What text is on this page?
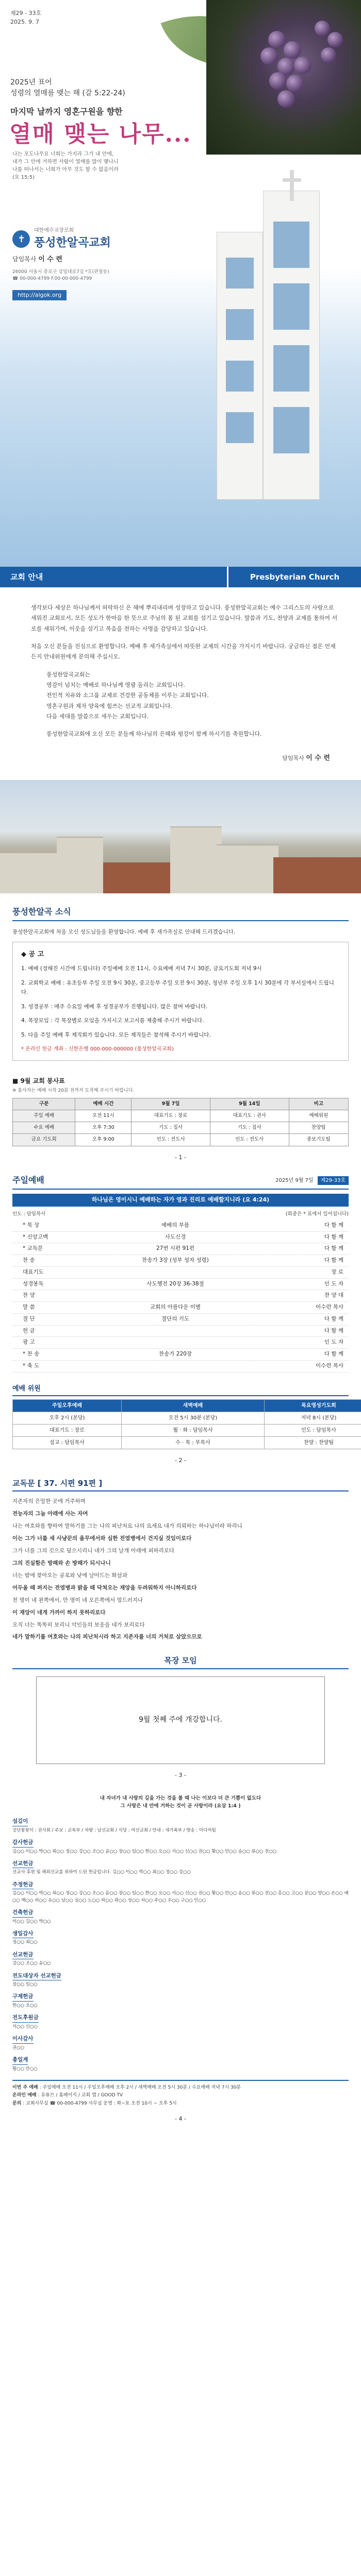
제29 - 33호
2025. 9. 7
2025년 표어
성령의 열매를 맺는 해 (갈 5:22-24)
마지막 날까지 영혼구원을 향한
열매 맺는 나무...
나는 포도나무요 너희는 가지라 그가 내 안에,
내가 그 안에 거하면 사람이 열매를 많이 맺나니
나를 떠나서는 너희가 아무 것도 할 수 없음이라
(요 15:5)
✝
대한예수교장로회
풍성한알곡교회
담임목사 이 수 련
26000 서울시 종로구 삼일대로7길 *호(관철동)
☎ 00-000-4799 F.00-00-000-4799
http://algok.org
교회 안내	Presbyterian Church

생각보다 세상은 하나님께서 허락하신 은 혜에 뿌리내리며 성장하고 있습니다. 풍성한알곡교회는 예수 그리스도의 사랑으로 세워진 교회로서, 모든 성도가 한마음 한 뜻으로 주님의 몸 된 교회를 섬기고 있습니다. 말씀과 기도, 찬양과 교제를 통하여 서로를 세워가며, 이웃을 섬기고 복음을 전하는 사명을 감당하고 있습니다.

처음 오신 분들을 진심으로 환영합니다. 예배 후 새가족실에서 따뜻한 교제의 시간을 가지시기 바랍니다. 궁금하신 점은 언제든지 안내위원에게 문의해 주십시오.

풍성한알곡교회는
영감이 넘치는 예배로 하나님께 영광 돌리는 교회입니다.
전인적 치유와 소그룹 교제로 건강한 공동체를 이루는 교회입니다.
영혼구원과 제자 양육에 힘쓰는 선교적 교회입니다.
다음 세대를 말씀으로 세우는 교회입니다.

풍성한알곡교회에 오신 모든 분들께 하나님의 은혜와 평강이 함께 하시기를 축원합니다.

담임목사 이 수 련
풍성한알곡 소식
풍성한알곡교회에 처음 오신 성도님들을 환영합니다. 예배 후 새가족실로 안내해 드리겠습니다.
◆ 공 고
1. 예배 (정해진 시간에 드립니다) 주일예배 오전 11시, 수요예배 저녁 7시 30분, 금요기도회 저녁 9시
2. 교회학교 예배 : 유초등부 주일 오전 9시 30분, 중고등부 주일 오전 9시 30분, 청년부 주일 오후 1시 30분에 각 부서실에서 드립니다.
3. 성경공부 : 매주 수요일 예배 후 성경공부가 진행됩니다. 많은 참여 바랍니다.
4. 목장모임 : 각 목장별로 모임을 가지시고 보고서를 제출해 주시기 바랍니다.
5. 다음 주일 예배 후 제직회가 있습니다. 모든 제직들은 참석해 주시기 바랍니다.
* 온라인 헌금 계좌 : 신한은행 000-000-000000 (풍성한알곡교회)
■ 9월 교회 봉사표
※ 봉사자는 예배 시작 20분 전까지 도착해 주시기 바랍니다.
구분	예배 시간	9월 7일	9월 14일	비고
주일 예배	오전 11시	대표기도 : 장로	대표기도 : 권사	예배위원
수요 예배	오후 7:30	기도 : 집사	기도 : 집사	찬양팀
금요 기도회	오후 9:00	인도 : 전도사	인도 : 전도사	중보기도팀
- 1 -
주일예배	2025년 9월 7일	제29-33호
하나님은 영이시니 예배하는 자가 영과 진리로 예배할지니라 (요 4:24)
인도 : 담임목사	(회중은 * 표에서 일어섭니다)
* 묵 상	예배의 부름	다 함 께
* 신앙고백	사도신경	다 함 께
* 교독문	27번 시편 91편	다 함 께
찬 송	찬송가 3장 (성부 성자 성령)	다 함 께
대표기도	장 로
성경봉독	사도행전 20장 36-38절	인 도 자
찬 양	찬 양 대
말 씀	교회의 아름다운 이별	이수련 목사
결 단	결단의 기도	다 함 께
헌 금	다 함 께
광 고	인 도 자
* 찬 송	찬송가 220장	다 함 께
* 축 도	이수련 목사
예배 위원
주일오후예배	새벽예배	목요영성기도회
오후 2시 (본당)	오전 5시 30분 (본당)	저녁 8시 (본당)
대표기도 : 장로	월 · 화 : 담임목사	인도 : 담임목사
설교 : 담임목사	수 · 목 : 부목사	찬양 : 찬양팀
- 2 -
교독문 [ 37. 시편 91편 ]

지존자의 은밀한 곳에 거주하며

전능자의 그늘 아래에 사는 자여

나는 여호와를 향하여 말하기를 그는 나의 피난처요 나의 요새요 내가 의뢰하는 하나님이라 하리니

이는 그가 너를 새 사냥꾼의 올무에서와 심한 전염병에서 건지실 것임이로다

그가 너를 그의 깃으로 덮으시리니 네가 그의 날개 아래에 피하리로다

그의 진실함은 방패와 손 방패가 되시나니

너는 밤에 찾아오는 공포와 낮에 날아드는 화살과

어두울 때 퍼지는 전염병과 밝을 때 닥쳐오는 재앙을 두려워하지 아니하리로다

천 명이 네 왼쪽에서, 만 명이 네 오른쪽에서 엎드러지나

이 재앙이 네게 가까이 하지 못하리로다

오직 너는 똑똑히 보리니 악인들의 보응을 네가 보리로다

네가 말하기를 여호와는 나의 피난처시라 하고 지존자를 너의 거처로 삼았으므로

목장 모임
9월 첫째 주에 개강합니다.
- 3 -
내 자녀가 내 사랑의 길을 가는 것을 볼 때 나는 이보다 더 큰 기쁨이 없도다
그 사랑은 내 안에 거하는 것이 곧 사랑이라 (요삼 1:4 )
섬김이
강단꽃꽂이 : 권사회 / 주보 : 교육부 / 차량 : 남선교회 / 식당 : 여선교회 / 안내 : 새가족부 / 방송 : 미디어팀
감사헌금
김○○ 이○○ 박○○ 최○○ 정○○ 강○○ 조○○ 윤○○ 장○○ 임○○ 한○○ 오○○ 서○○ 신○○ 권○○ 황○○ 안○○ 송○○ 류○○ 전○○
선교헌금
선교사 후원 및 해외선교를 위하여 드린 헌금입니다. 김○○ 이○○ 박○○ 최○○ 정○○ 강○○
주정헌금
김○○ 이○○ 박○○ 최○○ 정○○ 강○○ 조○○ 윤○○ 장○○ 임○○ 한○○ 오○○ 서○○ 신○○ 권○○ 황○○ 안○○ 송○○ 류○○ 전○○ 홍○○ 고○○ 문○○ 양○○ 손○○ 배○○ 백○○ 허○○ 유○○ 남○○ 심○○ 노○○ 하○○ 곽○○ 성○○ 차○○ 주○○ 우○○ 구○○ 민○○
건축헌금
이○○ 김○○ 박○○
생일감사
정○○ 최○○
선교헌금
강○○ 조○○ 윤○○
전도대상자 선교헌금
장○○ 임○○
구제헌금
한○○ 오○○
전도후원금
서○○ 신○○
이사감사
권○○
총일계
황○○ 안○○
이번 주 예배 : 주일예배 오전 11시 / 주일오후예배 오후 2시 / 새벽예배 오전 5시 30분 / 수요예배 저녁 7시 30분
온라인 예배 : 유튜브 / 홈페이지 / 교회 앱 / GOOD TV
문의 : 교회사무실 ☎ 00-000-4799 사무실 운영 : 화~토 오전 10시 ~ 오후 5시
- 4 -
